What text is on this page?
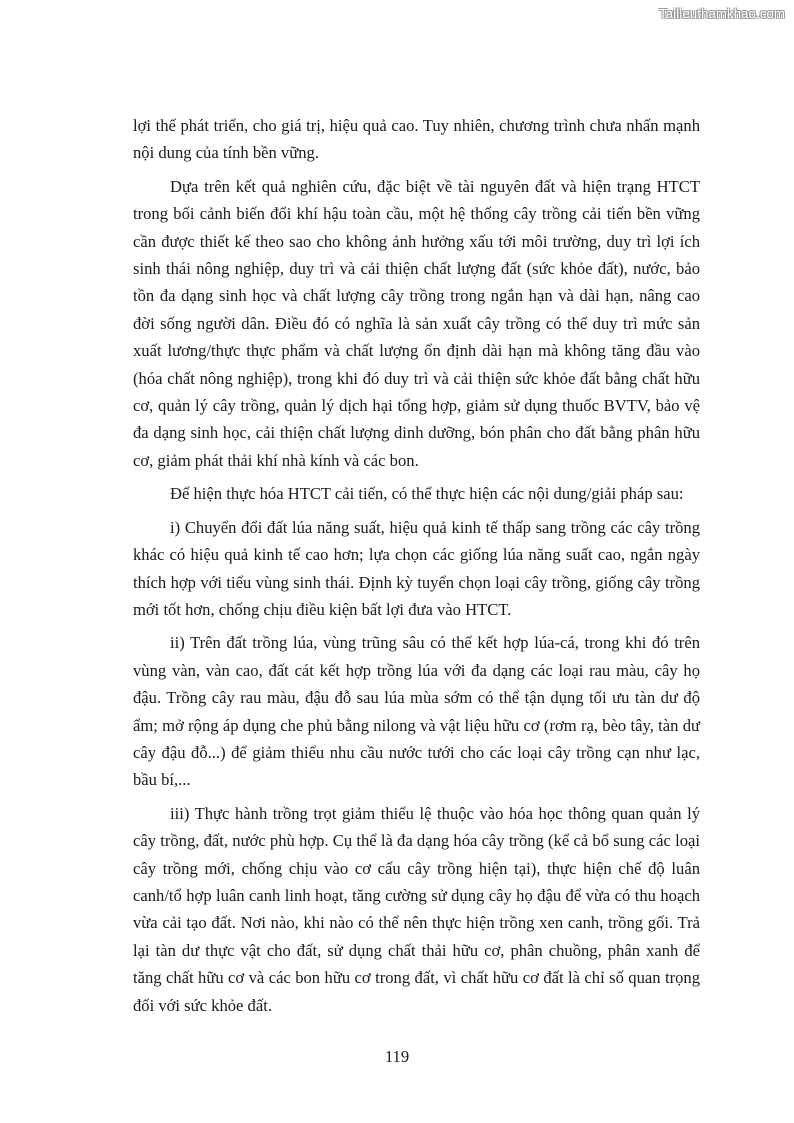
Tailieuthamkhao.com

lợi thế phát triển, cho giá trị, hiệu quả cao. Tuy nhiên, chương trình chưa nhấn mạnh nội dung của tính bền vững.

Dựa trên kết quả nghiên cứu, đặc biệt về tài nguyên đất và hiện trạng HTCT trong bối cảnh biến đổi khí hậu toàn cầu, một hệ thống cây trồng cải tiến bền vững cần được thiết kế theo sao cho không ảnh hưởng xấu tới môi trường, duy trì lợi ích sinh thái nông nghiệp, duy trì và cải thiện chất lượng đất (sức khỏe đất), nước, bảo tồn đa dạng sinh học và chất lượng cây trồng trong ngắn hạn và dài hạn, nâng cao đời sống người dân. Điều đó có nghĩa là sản xuất cây trồng có thể duy trì mức sản xuất lương/thực thực phẩm và chất lượng ổn định dài hạn mà không tăng đầu vào (hóa chất nông nghiệp), trong khi đó duy trì và cải thiện sức khỏe đất bằng chất hữu cơ, quản lý cây trồng, quản lý dịch hại tổng hợp, giảm sử dụng thuốc BVTV, bảo vệ đa dạng sinh học, cải thiện chất lượng dinh dưỡng, bón phân cho đất bằng phân hữu cơ, giảm phát thải khí nhà kính và các bon.

Để hiện thực hóa HTCT cải tiến, có thể thực hiện các nội dung/giải pháp sau:

i) Chuyển đổi đất lúa năng suất, hiệu quả kinh tế thấp sang trồng các cây trồng khác có hiệu quả kinh tế cao hơn; lựa chọn các giống lúa năng suất cao, ngắn ngày thích hợp với tiểu vùng sinh thái. Định kỳ tuyển chọn loại cây trồng, giống cây trồng mới tốt hơn, chống chịu điều kiện bất lợi đưa vào HTCT.

ii) Trên đất trồng lúa, vùng trũng sâu có thể kết hợp lúa-cá, trong khi đó trên vùng vàn, vàn cao, đất cát kết hợp trồng lúa với đa dạng các loại rau màu, cây họ đậu. Trồng cây rau màu, đậu đỗ sau lúa mùa sớm có thể tận dụng tối ưu tàn dư độ ẩm; mở rộng áp dụng che phủ bằng nilong và vật liệu hữu cơ (rơm rạ, bèo tây, tàn dư cây đậu đỗ...) để giảm thiểu nhu cầu nước tưới cho các loại cây trồng cạn như lạc, bầu bí,...

iii) Thực hành trồng trọt giảm thiểu lệ thuộc vào hóa học thông quan quản lý cây trồng, đất, nước phù hợp. Cụ thể là đa dạng hóa cây trồng (kể cả bổ sung các loại cây trồng mới, chống chịu vào cơ cấu cây trồng hiện tại), thực hiện chế độ luân canh/tổ hợp luân canh linh hoạt, tăng cường sử dụng cây họ đậu để vừa có thu hoạch vừa cải tạo đất. Nơi nào, khi nào có thể nên thực hiện trồng xen canh, trồng gối. Trả lại tàn dư thực vật cho đất, sử dụng chất thải hữu cơ, phân chuồng, phân xanh để tăng chất hữu cơ và các bon hữu cơ trong đất, vì chất hữu cơ đất là chỉ số quan trọng đối với sức khỏe đất.

119
